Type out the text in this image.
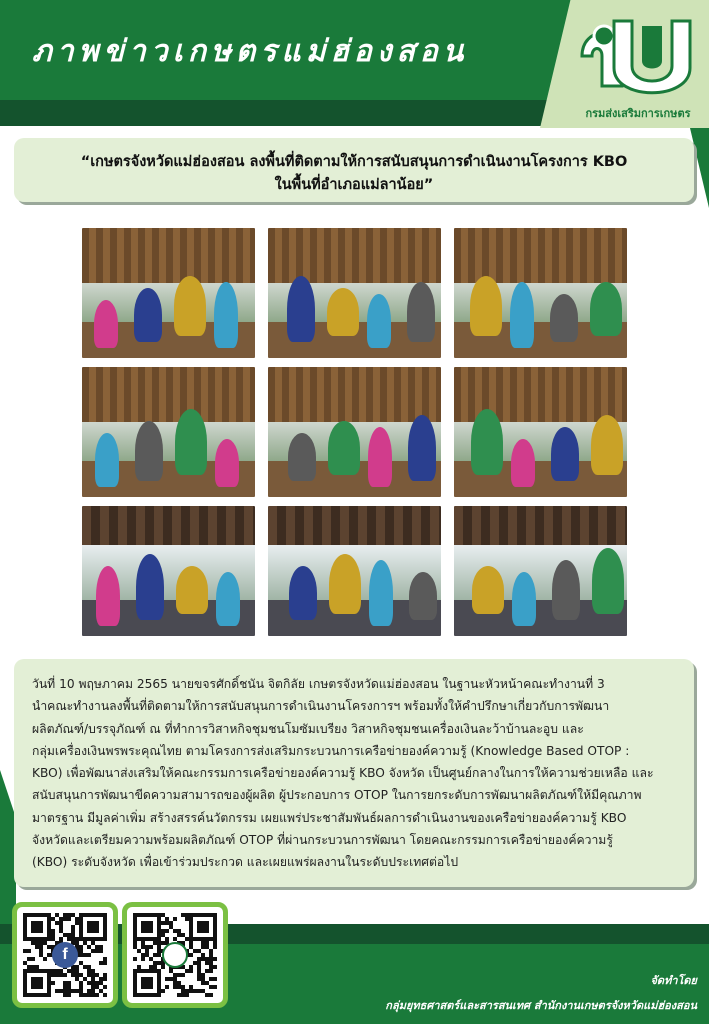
ภาพข่าวเกษตรแม่ฮ่องสอน
กรมส่งเสริมการเกษตร
“เกษตรจังหวัดแม่ฮ่องสอน ลงพื้นที่ติดตามให้การสนับสนุนการดำเนินงานโครงการ KBO
ในพื้นที่อำเภอแม่ลาน้อย”
วันที่ 10 พฤษภาคม 2565 นายขจรศักดิ์ชนัน จิตกิลัย เกษตรจังหวัดแม่ฮ่องสอน ในฐานะหัวหน้าคณะทำงานที่ 3
นำคณะทำงานลงพื้นที่ติดตามให้การสนับสนุนการดำเนินงานโครงการฯ พร้อมทั้งให้คำปรึกษาเกี่ยวกับการพัฒนา
ผลิตภัณฑ์/บรรจุภัณฑ์ ณ ที่ทำการวิสาหกิจชุมชนโมซัมเบรียง วิสาหกิจชุมชนเครื่องเงินละว้าบ้านละอูบ และ
กลุ่มเครื่องเงินพรพระคุณไทย ตามโครงการส่งเสริมกระบวนการเครือข่ายองค์ความรู้ (Knowledge Based OTOP :
KBO) เพื่อพัฒนาส่งเสริมให้คณะกรรมการเครือข่ายองค์ความรู้ KBO จังหวัด เป็นศูนย์กลางในการให้ความช่วยเหลือ และ
สนับสนุนการพัฒนาขีดความสามารถของผู้ผลิต ผู้ประกอบการ OTOP ในการยกระดับการพัฒนาผลิตภัณฑ์ให้มีคุณภาพ
มาตรฐาน มีมูลค่าเพิ่ม สร้างสรรค์นวัตกรรม เผยแพร่ประชาสัมพันธ์ผลการดำเนินงานของเครือข่ายองค์ความรู้ KBO
จังหวัดและเตรียมความพร้อมผลิตภัณฑ์ OTOP ที่ผ่านกระบวนการพัฒนา โดยคณะกรรมการเครือข่ายองค์ความรู้
(KBO) ระดับจังหวัด เพื่อเข้าร่วมประกวด และเผยแพร่ผลงานในระดับประเทศต่อไป
f
จัดทำโดย
กลุ่มยุทธศาสตร์และสารสนเทศ สำนักงานเกษตรจังหวัดแม่ฮ่องสอน
